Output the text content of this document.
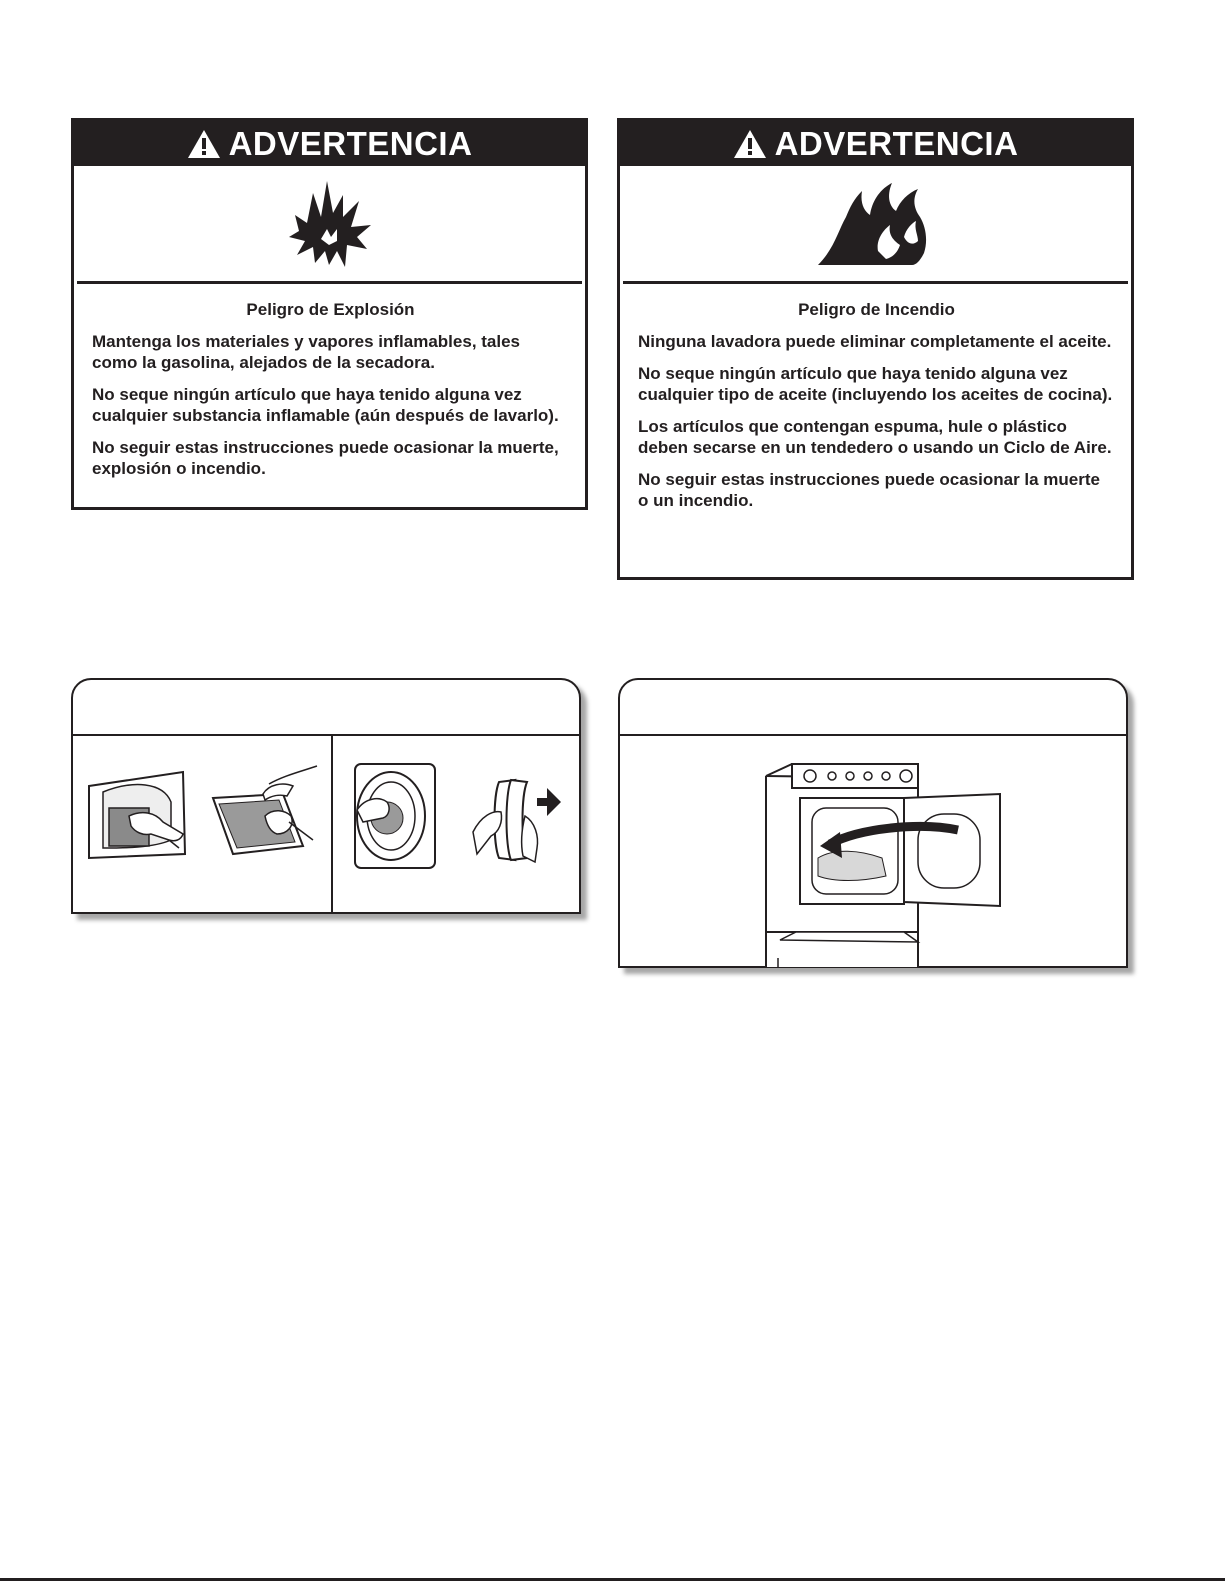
ADVERTENCIA

Peligro de Explosión

Mantenga los materiales y vapores inflamables, tales como la gasolina, alejados de la secadora.

No seque ningún artículo que haya tenido alguna vez cualquier substancia inflamable (aún después de lavarlo).

No seguir estas instrucciones puede ocasionar la muerte, explosión o incendio.

ADVERTENCIA

Peligro de Incendio

Ninguna lavadora puede eliminar completamente el aceite.

No seque ningún artículo que haya tenido alguna vez cualquier tipo de aceite (incluyendo los aceites de cocina).

Los artículos que contengan espuma, hule o plástico deben secarse en un tendedero o usando un Ciclo de Aire.

No seguir estas instrucciones puede ocasionar la muerte o un incendio.
